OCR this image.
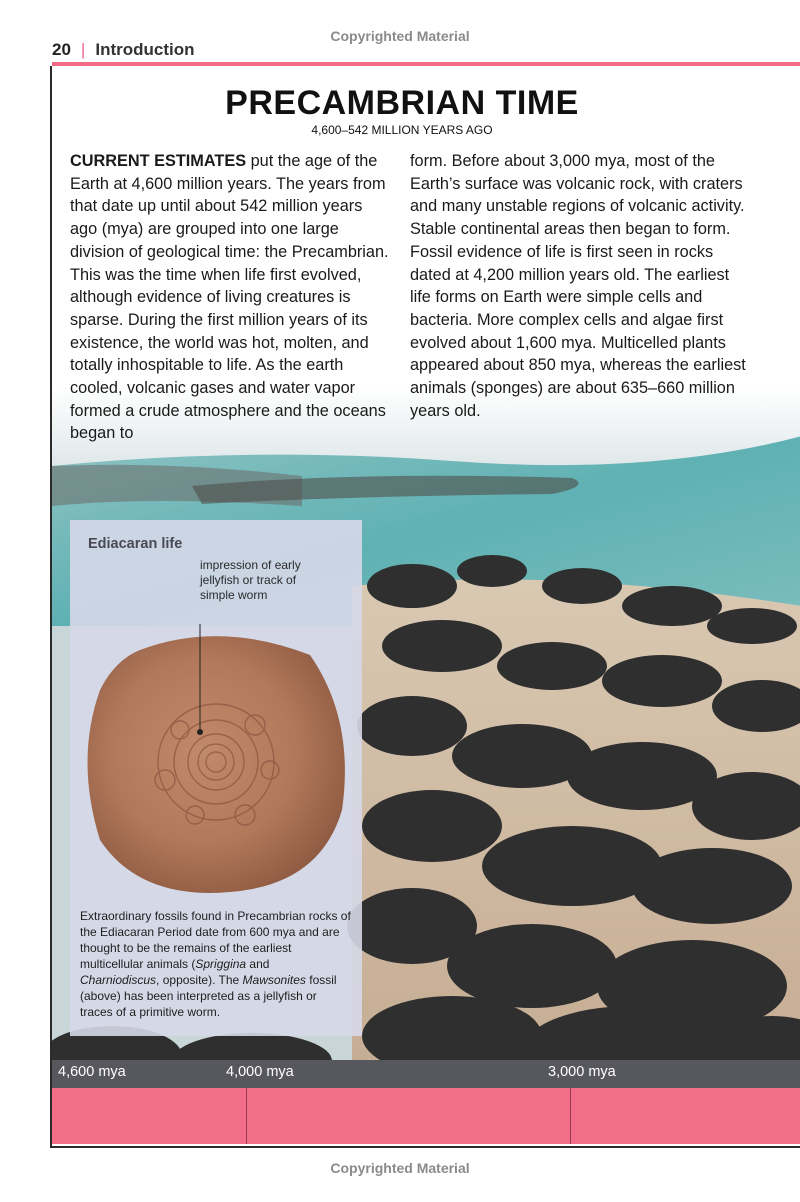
Copyrighted Material
20 | Introduction
PRECAMBRIAN TIME
4,600–542 MILLION YEARS AGO
CURRENT ESTIMATES put the age of the Earth at 4,600 million years. The years from that date up until about 542 million years ago (mya) are grouped into one large division of geological time: the Precambrian. This was the time when life first evolved, although evidence of living creatures is sparse. During the first million years of its existence, the world was hot, molten, and totally inhospitable to life. As the earth cooled, volcanic gases and water vapor formed a crude atmosphere and the oceans began to
form. Before about 3,000 mya, most of the Earth’s surface was volcanic rock, with craters and many unstable regions of volcanic activity. Stable continental areas then began to form. Fossil evidence of life is first seen in rocks dated at 4,200 million years old. The earliest life forms on Earth were simple cells and bacteria. More complex cells and algae first evolved about 1,600 mya. Multicelled plants appeared about 850 mya, whereas the earliest animals (sponges) are about 635–660 million years old.
Ediacaran life
impression of early jellyfish or track of simple worm
Extraordinary fossils found in Precambrian rocks of the Ediacaran Period date from 600 mya and are thought to be the remains of the earliest multicellular animals (Spriggina and Charniodiscus, opposite). The Mawsonites fossil (above) has been interpreted as a jellyfish or traces of a primitive worm.
4,600 mya	4,000 mya	3,000 mya
Copyrighted Material
